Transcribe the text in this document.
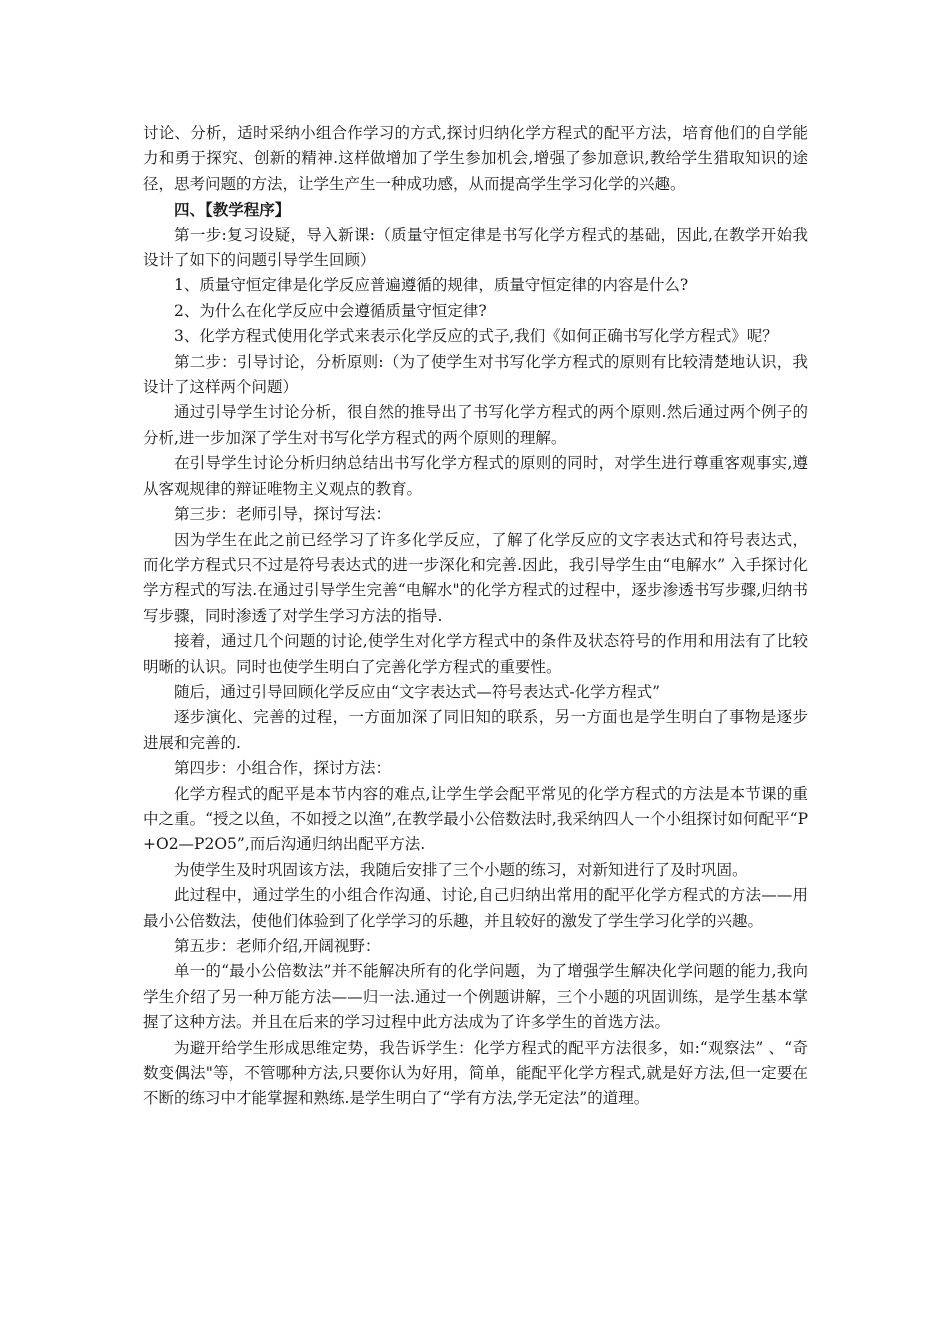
讨论、分析，适时采纳小组合作学习的方式,探讨归纳化学方程式的配平方法，培育他们的自学能力和勇于探究、创新的精神.这样做增加了学生参加机会,增强了参加意识,教给学生猎取知识的途径，思考问题的方法，让学生产生一种成功感，从而提高学生学习化学的兴趣。

四、【教学程序】

第一步:复习设疑，导入新课:（质量守恒定律是书写化学方程式的基础，因此,在教学开始我设计了如下的问题引导学生回顾）

1、质量守恒定律是化学反应普遍遵循的规律，质量守恒定律的内容是什么?

2、为什么在化学反应中会遵循质量守恒定律?

3、化学方程式使用化学式来表示化学反应的式子,我们《如何正确书写化学方程式》呢？

第二步：引导讨论，分析原则:（为了使学生对书写化学方程式的原则有比较清楚地认识，我设计了这样两个问题）

通过引导学生讨论分析，很自然的推导出了书写化学方程式的两个原则.然后通过两个例子的分析,进一步加深了学生对书写化学方程式的两个原则的理解。

在引导学生讨论分析归纳总结出书写化学方程式的原则的同时，对学生进行尊重客观事实,遵从客观规律的辩证唯物主义观点的教育。

第三步：老师引导，探讨写法：

因为学生在此之前已经学习了许多化学反应，了解了化学反应的文字表达式和符号表达式，而化学方程式只不过是符号表达式的进一步深化和完善.因此，我引导学生由“电解水” 入手探讨化学方程式的写法.在通过引导学生完善“电解水"的化学方程式的过程中，逐步渗透书写步骤,归纳书写步骤，同时渗透了对学生学习方法的指导.

接着，通过几个问题的讨论,使学生对化学方程式中的条件及状态符号的作用和用法有了比较明晰的认识。同时也使学生明白了完善化学方程式的重要性。

随后，通过引导回顾化学反应由“文字表达式—符号表达式-化学方程式”

逐步演化、完善的过程，一方面加深了同旧知的联系，另一方面也是学生明白了事物是逐步进展和完善的.

第四步：小组合作，探讨方法：

化学方程式的配平是本节内容的难点,让学生学会配平常见的化学方程式的方法是本节课的重中之重。“授之以鱼，不如授之以渔”,在教学最小公倍数法时,我采纳四人一个小组探讨如何配平“P+O2—P2O5”,而后沟通归纳出配平方法.

为使学生及时巩固该方法，我随后安排了三个小题的练习，对新知进行了及时巩固。

此过程中，通过学生的小组合作沟通、讨论,自己归纳出常用的配平化学方程式的方法——用最小公倍数法，使他们体验到了化学学习的乐趣，并且较好的激发了学生学习化学的兴趣。

第五步：老师介绍,开阔视野：

单一的“最小公倍数法”并不能解决所有的化学问题，为了增强学生解决化学问题的能力,我向学生介绍了另一种万能方法——归一法.通过一个例题讲解，三个小题的巩固训练，是学生基本掌握了这种方法。并且在后来的学习过程中此方法成为了许多学生的首选方法。

为避开给学生形成思维定势，我告诉学生：化学方程式的配平方法很多，如:“观察法” 、“奇数变偶法"等，不管哪种方法,只要你认为好用，简单，能配平化学方程式,就是好方法,但一定要在不断的练习中才能掌握和熟练.是学生明白了“学有方法,学无定法”的道理。
